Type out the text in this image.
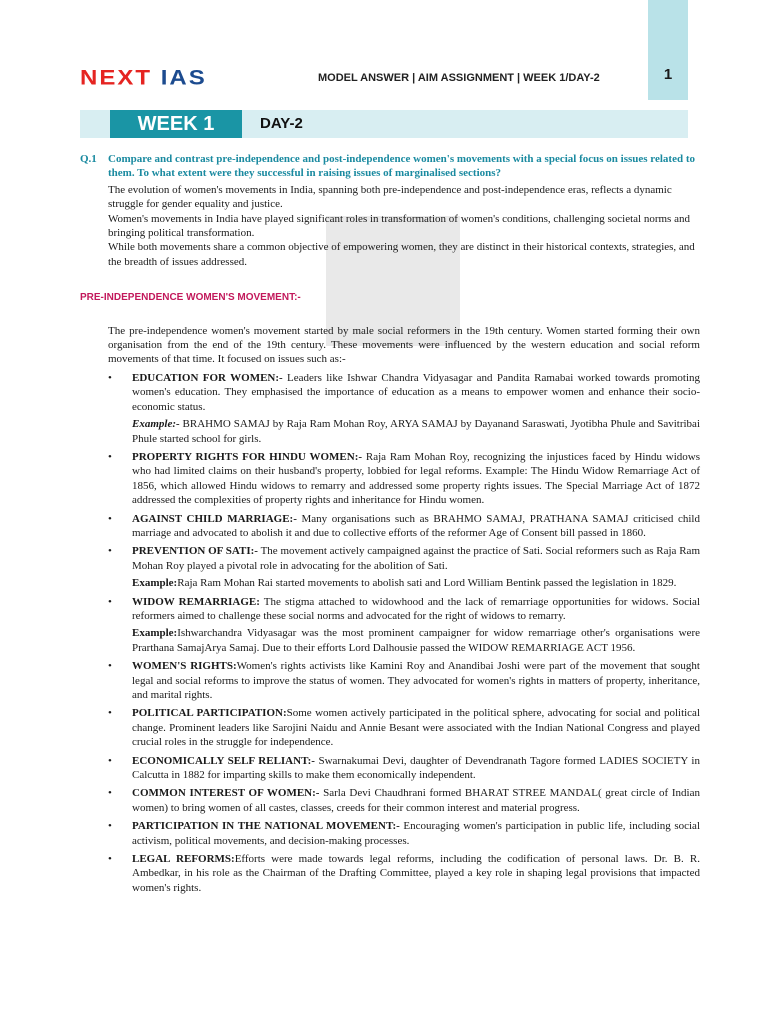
1
NEXT IAS	MODEL ANSWER | AIM ASSIGNMENT | WEEK 1/DAY-2
WEEK 1	DAY-2
Q.1	Compare and contrast pre-independence and post-independence women's movements with a special focus on issues related to them. To what extent were they successful in raising issues of marginalised sections?

The evolution of women's movements in India, spanning both pre-independence and post-independence eras, reflects a dynamic struggle for gender equality and justice.

Women's movements in India have played significant roles in transformation of women's conditions, challenging societal norms and bringing political transformation.

While both movements share a common objective of empowering women, they are distinct in their historical contexts, strategies, and the breadth of issues addressed.

PRE-INDEPENDENCE WOMEN'S MOVEMENT:-

The pre-independence women's movement started by male social reformers in the 19th century. Women started forming their own organisation from the end of the 19th century. These movements were influenced by the western education and social reform movements of that time. It focused on issues such as:-

• EDUCATION FOR WOMEN:- Leaders like Ishwar Chandra Vidyasagar and Pandita Ramabai worked towards promoting women's education. They emphasised the importance of education as a means to empower women and enhance their socio-economic status.
Example:- BRAHMO SAMAJ by Raja Ram Mohan Roy, ARYA SAMAJ by Dayanand Saraswati, Jyotibha Phule and Savitribai Phule started school for girls.
• PROPERTY RIGHTS FOR HINDU WOMEN:- Raja Ram Mohan Roy, recognizing the injustices faced by Hindu widows who had limited claims on their husband's property, lobbied for legal reforms. Example: The Hindu Widow Remarriage Act of 1856, which allowed Hindu widows to remarry and addressed some property rights issues. The Special Marriage Act of 1872 addressed the complexities of property rights and inheritance for Hindu women.
• AGAINST CHILD MARRIAGE:- Many organisations such as BRAHMO SAMAJ, PRATHANA SAMAJ criticised child marriage and advocated to abolish it and due to collective efforts of the reformer Age of Consent bill passed in 1860.
• PREVENTION OF SATI:- The movement actively campaigned against the practice of Sati. Social reformers such as Raja Ram Mohan Roy played a pivotal role in advocating for the abolition of Sati.
Example:Raja Ram Mohan Rai started movements to abolish sati and Lord William Bentink passed the legislation in 1829.
• WIDOW REMARRIAGE: The stigma attached to widowhood and the lack of remarriage opportunities for widows. Social reformers aimed to challenge these social norms and advocated for the right of widows to remarry.
Example:Ishwarchandra Vidyasagar was the most prominent campaigner for widow remarriage other's organisations were Prarthana SamajArya Samaj. Due to their efforts Lord Dalhousie passed the WIDOW REMARRIAGE ACT 1956.
• WOMEN'S RIGHTS:Women's rights activists like Kamini Roy and Anandibai Joshi were part of the movement that sought legal and social reforms to improve the status of women. They advocated for women's rights in matters of property, inheritance, and marital rights.
• POLITICAL PARTICIPATION:Some women actively participated in the political sphere, advocating for social and political change. Prominent leaders like Sarojini Naidu and Annie Besant were associated with the Indian National Congress and played crucial roles in the struggle for independence.
• ECONOMICALLY SELF RELIANT:- Swarnakumai Devi, daughter of Devendranath Tagore formed LADIES SOCIETY in Calcutta in 1882 for imparting skills to make them economically independent.
• COMMON INTEREST OF WOMEN:- Sarla Devi Chaudhrani formed BHARAT STREE MANDAL( great circle of Indian women) to bring women of all castes, classes, creeds for their common interest and material progress.
• PARTICIPATION IN THE NATIONAL MOVEMENT:- Encouraging women's participation in public life, including social activism, political movements, and decision-making processes.
• LEGAL REFORMS:Efforts were made towards legal reforms, including the codification of personal laws. Dr. B. R. Ambedkar, in his role as the Chairman of the Drafting Committee, played a key role in shaping legal provisions that impacted women's rights.
